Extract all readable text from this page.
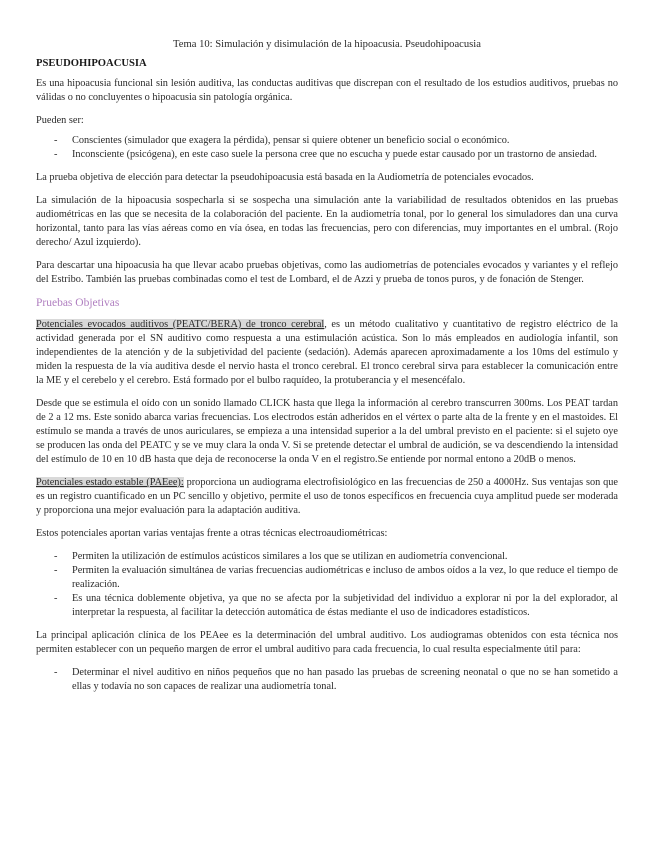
Tema 10: Simulación y disimulación de la hipoacusia. Pseudohipoacusia
PSEUDOHIPOACUSIA

Es una hipoacusia funcional sin lesión auditiva, las conductas auditivas que discrepan con el resultado de los estudios auditivos, pruebas no válidas o no concluyentes o hipoacusia sin patología orgánica.

Pueden ser:

- Conscientes (simulador que exagera la pérdida), pensar si quiere obtener un beneficio social o económico.
- Inconsciente (psicógena), en este caso suele la persona cree que no escucha y puede estar causado por un trastorno de ansiedad.

La prueba objetiva de elección para detectar la pseudohipoacusia está basada en la Audiometría de potenciales evocados.

La simulación de la hipoacusia sospecharla si se sospecha una simulación ante la variabilidad de resultados obtenidos en las pruebas audiométricas en las que se necesita de la colaboración del paciente. En la audiometría tonal, por lo general los simuladores dan una curva horizontal, tanto para las vías aéreas como en vía ósea, en todas las frecuencias, pero con diferencias, muy importantes en el umbral. (Rojo derecho/ Azul izquierdo).

Para descartar una hipoacusia ha que llevar acabo pruebas objetivas, como las audiometrías de potenciales evocados y variantes y el reflejo del Estribo. También las pruebas combinadas como el test de Lombard, el de Azzi y prueba de tonos puros, y de fonación de Stenger.

Pruebas Objetivas

Potenciales evocados auditivos (PEATC/BERA) de tronco cerebral, es un método cualitativo y cuantitativo de registro eléctrico de la actividad generada por el SN auditivo como respuesta a una estimulación acústica. Son lo más empleados en audiología infantil, son independientes de la atención y de la subjetividad del paciente (sedación). Además aparecen aproximadamente a los 10ms del estímulo y miden la respuesta de la vía auditiva desde el nervio hasta el tronco cerebral. El tronco cerebral sirva para establecer la comunicación entre la ME y el cerebelo y el cerebro. Está formado por el bulbo raquídeo, la protuberancia y el mesencéfalo.

Desde que se estimula el oído con un sonido llamado CLICK hasta que llega la información al cerebro transcurren 300ms. Los PEAT tardan de 2 a 12 ms. Este sonido abarca varias frecuencias. Los electrodos están adheridos en el vértex o parte alta de la frente y en el mastoides. El estímulo se manda a través de unos auriculares, se empieza a una intensidad superior a la del umbral previsto en el paciente: si el sujeto oye se producen las onda del PEATC y se ve muy clara la onda V. Si se pretende detectar el umbral de audición, se va descendiendo la intensidad del estímulo de 10 en 10 dB hasta que deja de reconocerse la onda V en el registro.Se entiende por normal entono a 20dB o menos.

Potenciales estado estable (PAEee): proporciona un audiograma electrofisiológico en las frecuencias de 250 a 4000Hz. Sus ventajas son que es un registro cuantificado en un PC sencillo y objetivo, permite el uso de tonos específicos en frecuencia cuya amplitud puede ser moderada y proporciona una mejor evaluación para la adaptación auditiva.

Estos potenciales aportan varias ventajas frente a otras técnicas electroaudiométricas:

- Permiten la utilización de estímulos acústicos similares a los que se utilizan en audiometría convencional.
- Permiten la evaluación simultánea de varias frecuencias audiométricas e incluso de ambos oídos a la vez, lo que reduce el tiempo de realización.
- Es una técnica doblemente objetiva, ya que no se afecta por la subjetividad del individuo a explorar ni por la del explorador, al interpretar la respuesta, al facilitar la detección automática de éstas mediante el uso de indicadores estadísticos.

La principal aplicación clínica de los PEAee es la determinación del umbral auditivo. Los audiogramas obtenidos con esta técnica nos permiten establecer con un pequeño margen de error el umbral auditivo para cada frecuencia, lo cual resulta especialmente útil para:

- Determinar el nivel auditivo en niños pequeños que no han pasado las pruebas de screening neonatal o que no se han sometido a ellas y todavía no son capaces de realizar una audiometría tonal.
